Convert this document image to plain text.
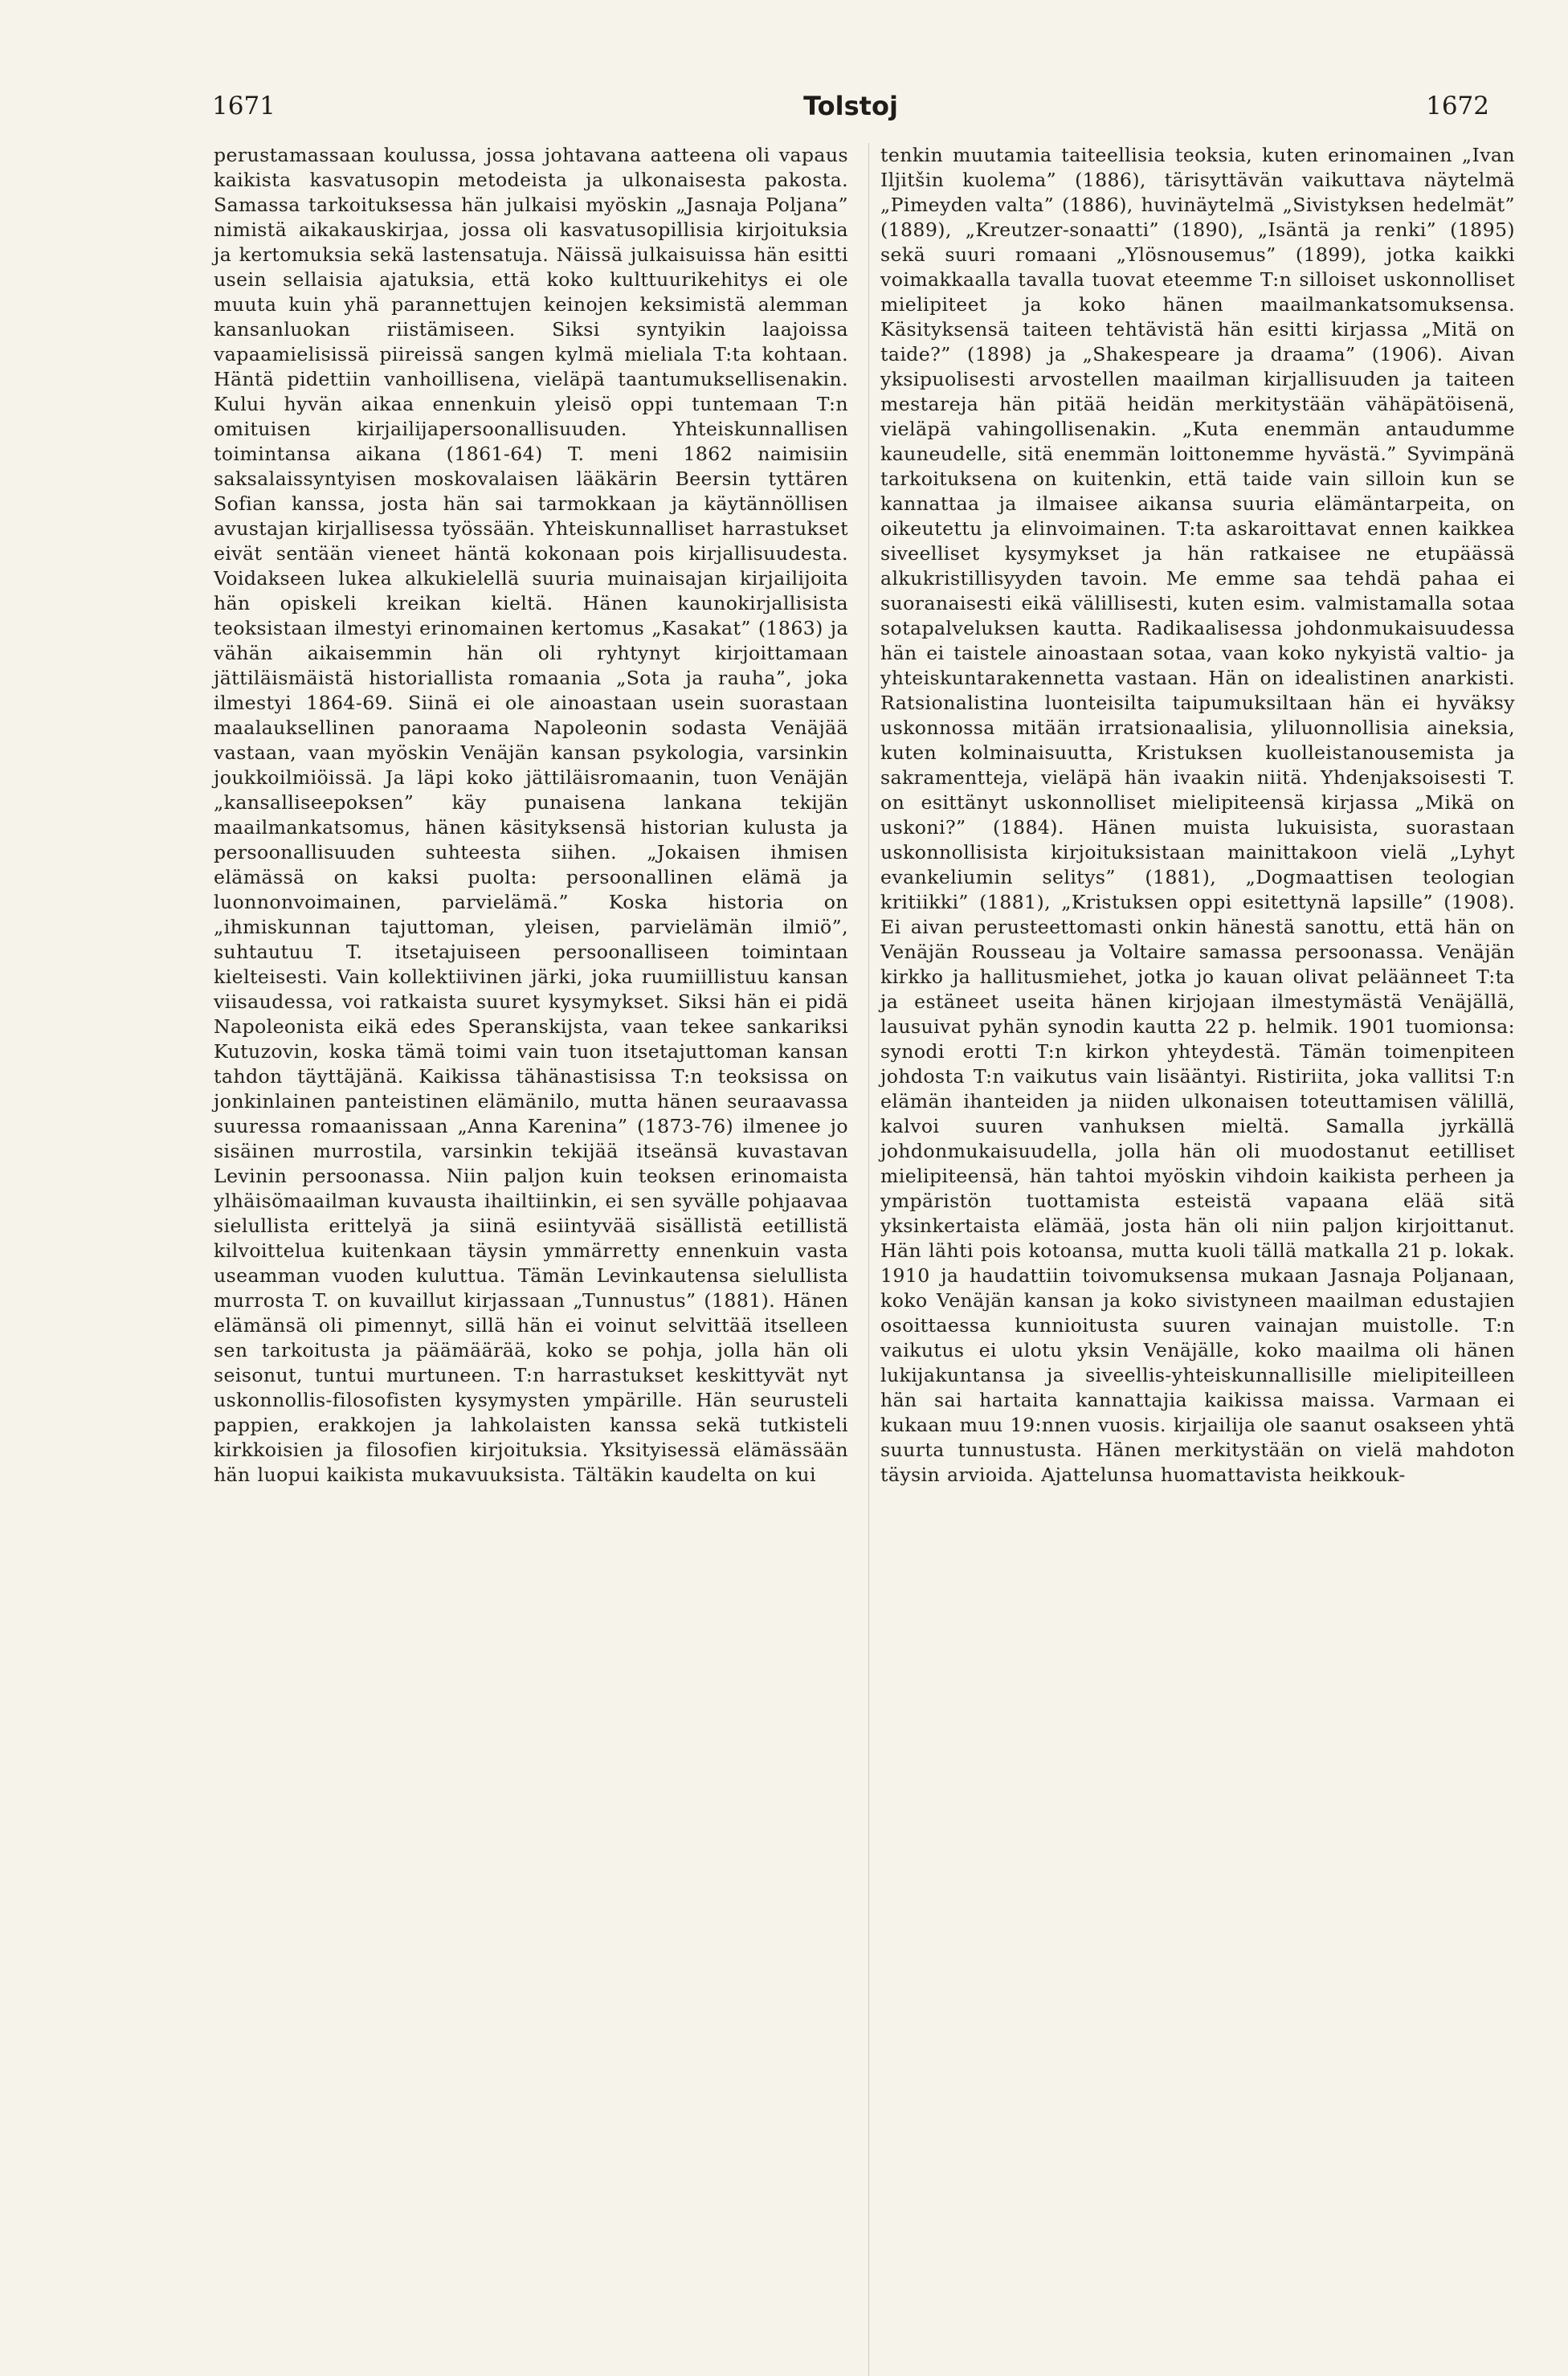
1671	Tolstoj	1672

perustamassaan koulussa, jossa johtavana aatteena oli vapaus kaikista kasvatusopin metodeista ja ulkonaisesta pakosta. Samassa tarkoituksessa hän julkaisi myöskin „Jasnaja Poljana” nimistä aikakauskirjaa, jossa oli kasvatusopillisia kirjoituksia ja kertomuksia sekä lastensatuja. Näissä julkaisuissa hän esitti usein sellaisia ajatuksia, että koko kulttuurikehitys ei ole muuta kuin yhä parannettujen keinojen keksimistä alemman kansanluokan riistämiseen. Siksi syntyikin laajoissa vapaamielisissä piireissä sangen kylmä mieliala T:ta kohtaan. Häntä pidettiin vanhoillisena, vieläpä taantumuksellisenakin. Kului hyvän aikaa ennenkuin yleisö oppi tuntemaan T:n omituisen kirjailijapersoonallisuuden. Yhteiskunnallisen toimintansa aikana (1861-64) T. meni 1862 naimisiin saksalaissyntyisen moskovalaisen lääkärin Beersin tyttären Sofian kanssa, josta hän sai tarmokkaan ja käytännöllisen avustajan kirjallisessa työssään. Yhteiskunnalliset harrastukset eivät sentään vieneet häntä kokonaan pois kirjallisuudesta. Voidakseen lukea alkukielellä suuria muinaisajan kirjailijoita hän opiskeli kreikan kieltä. Hänen kaunokirjallisista teoksistaan ilmestyi erinomainen kertomus „Kasakat” (1863) ja vähän aikaisemmin hän oli ryhtynyt kirjoittamaan jättiläismäistä historiallista romaania „Sota ja rauha”, joka ilmestyi 1864-69. Siinä ei ole ainoastaan usein suorastaan maalauksellinen panoraama Napoleonin sodasta Venäjää vastaan, vaan myöskin Venäjän kansan psykologia, varsinkin joukkoilmiöissä. Ja läpi koko jättiläisromaanin, tuon Venäjän „kansalliseepoksen” käy punaisena lankana tekijän maailmankatsomus, hänen käsityksensä historian kulusta ja persoonallisuuden suhteesta siihen. „Jokaisen ihmisen elämässä on kaksi puolta: persoonallinen elämä ja luonnonvoimainen, parvielämä.” Koska historia on „ihmiskunnan tajuttoman, yleisen, parvielämän ilmiö”, suhtautuu T. itsetajuiseen persoonalliseen toimintaan kielteisesti. Vain kollektiivinen järki, joka ruumiillistuu kansan viisaudessa, voi ratkaista suuret kysymykset. Siksi hän ei pidä Napoleonista eikä edes Speranskijsta, vaan tekee sankariksi Kutuzovin, koska tämä toimi vain tuon itsetajuttoman kansan tahdon täyttäjänä. Kaikissa tähänastisissa T:n teoksissa on jonkinlainen panteistinen elämänilo, mutta hänen seuraavassa suuressa romaanissaan „Anna Karenina” (1873-76) ilmenee jo sisäinen murrostila, varsinkin tekijää itseänsä kuvastavan Levinin persoonassa. Niin paljon kuin teoksen erinomaista ylhäisömaailman kuvausta ihailtiinkin, ei sen syvälle pohjaavaa sielullista erittelyä ja siinä esiintyvää sisällistä eetillistä kilvoittelua kuitenkaan täysin ymmärretty ennenkuin vasta useamman vuoden kuluttua. Tämän Levinkautensa sielullista murrosta T. on kuvaillut kirjassaan „Tunnustus” (1881). Hänen elämänsä oli pimennyt, sillä hän ei voinut selvittää itselleen sen tarkoitusta ja päämäärää, koko se pohja, jolla hän oli seisonut, tuntui murtuneen. T:n harrastukset keskittyvät nyt uskonnollis-filosofisten kysymysten ympärille. Hän seurusteli pappien, erakkojen ja lahkolaisten kanssa sekä tutkisteli kirkkoisien ja filosofien kirjoituksia. Yksityisessä elämässään hän luopui kaikista mukavuuksista. Tältäkin kaudelta on kui

tenkin muutamia taiteellisia teoksia, kuten erinomainen „Ivan Iljitšin kuolema” (1886), tärisyttävän vaikuttava näytelmä „Pimeyden valta” (1886), huvinäytelmä „Sivistyksen hedelmät” (1889), „Kreutzer-sonaatti” (1890), „Isäntä ja renki” (1895) sekä suuri romaani „Ylösnousemus” (1899), jotka kaikki voimakkaalla tavalla tuovat eteemme T:n silloiset uskonnolliset mielipiteet ja koko hänen maailmankatsomuksensa. Käsityksensä taiteen tehtävistä hän esitti kirjassa „Mitä on taide?” (1898) ja „Shakespeare ja draama” (1906). Aivan yksipuolisesti arvostellen maailman kirjallisuuden ja taiteen mestareja hän pitää heidän merkitystään vähäpätöisenä, vieläpä vahingollisenakin. „Kuta enemmän antaudumme kauneudelle, sitä enemmän loittonemme hyvästä.” Syvimpänä tarkoituksena on kuitenkin, että taide vain silloin kun se kannattaa ja ilmaisee aikansa suuria elämäntarpeita, on oikeutettu ja elinvoimainen. T:ta askaroittavat ennen kaikkea siveelliset kysymykset ja hän ratkaisee ne etupäässä alkukristillisyyden tavoin. Me emme saa tehdä pahaa ei suoranaisesti eikä välillisesti, kuten esim. valmistamalla sotaa sotapalveluksen kautta. Radikaalisessa johdonmukaisuudessa hän ei taistele ainoastaan sotaa, vaan koko nykyistä valtio- ja yhteiskuntarakennetta vastaan. Hän on idealistinen anarkisti. Ratsionalistina luonteisilta taipumuksiltaan hän ei hyväksy uskonnossa mitään irratsionaalisia, yliluonnollisia aineksia, kuten kolminaisuutta, Kristuksen kuolleistanousemista ja sakramentteja, vieläpä hän ivaakin niitä. Yhdenjaksoisesti T. on esittänyt uskonnolliset mielipiteensä kirjassa „Mikä on uskoni?” (1884). Hänen muista lukuisista, suorastaan uskonnollisista kirjoituksistaan mainittakoon vielä „Lyhyt evankeliumin selitys” (1881), „Dogmaattisen teologian kritiikki” (1881), „Kristuksen oppi esitettynä lapsille” (1908). Ei aivan perusteettomasti onkin hänestä sanottu, että hän on Venäjän Rousseau ja Voltaire samassa persoonassa. Venäjän kirkko ja hallitusmiehet, jotka jo kauan olivat peläänneet T:ta ja estäneet useita hänen kirjojaan ilmestymästä Venäjällä, lausuivat pyhän synodin kautta 22 p. helmik. 1901 tuomionsa: synodi erotti T:n kirkon yhteydestä. Tämän toimenpiteen johdosta T:n vaikutus vain lisääntyi. Ristiriita, joka vallitsi T:n elämän ihanteiden ja niiden ulkonaisen toteuttamisen välillä, kalvoi suuren vanhuksen mieltä. Samalla jyrkällä johdonmukaisuudella, jolla hän oli muodostanut eetilliset mielipiteensä, hän tahtoi myöskin vihdoin kaikista perheen ja ympäristön tuottamista esteistä vapaana elää sitä yksinkertaista elämää, josta hän oli niin paljon kirjoittanut. Hän lähti pois kotoansa, mutta kuoli tällä matkalla 21 p. lokak. 1910 ja haudattiin toivomuksensa mukaan Jasnaja Poljanaan, koko Venäjän kansan ja koko sivistyneen maailman edustajien osoittaessa kunnioitusta suuren vainajan muistolle. T:n vaikutus ei ulotu yksin Venäjälle, koko maailma oli hänen lukijakuntansa ja siveellis-yhteiskunnallisille mielipiteilleen hän sai hartaita kannattajia kaikissa maissa. Varmaan ei kukaan muu 19:nnen vuosis. kirjailija ole saanut osakseen yhtä suurta tunnustusta. Hänen merkitystään on vielä mahdoton täysin arvioida. Ajattelunsa huomattavista heikkouk-
